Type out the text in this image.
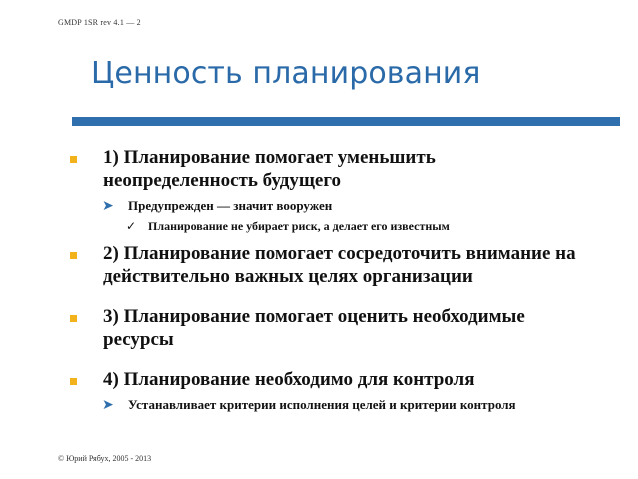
GMDP 1SR rev 4.1 — 2
Ценность планирования
1) Планирование помогает уменьшить неопределенность будущего
➤	Предупрежден — значит вооружен
✓ Планирование не убирает риск, а делает его известным
2) Планирование помогает сосредоточить внимание на действительно важных целях организации
3) Планирование помогает оценить необходимые ресурсы
4) Планирование необходимо для контроля
➤	Устанавливает критерии исполнения целей и критерии контроля
© Юрий Рябух, 2005 - 2013
